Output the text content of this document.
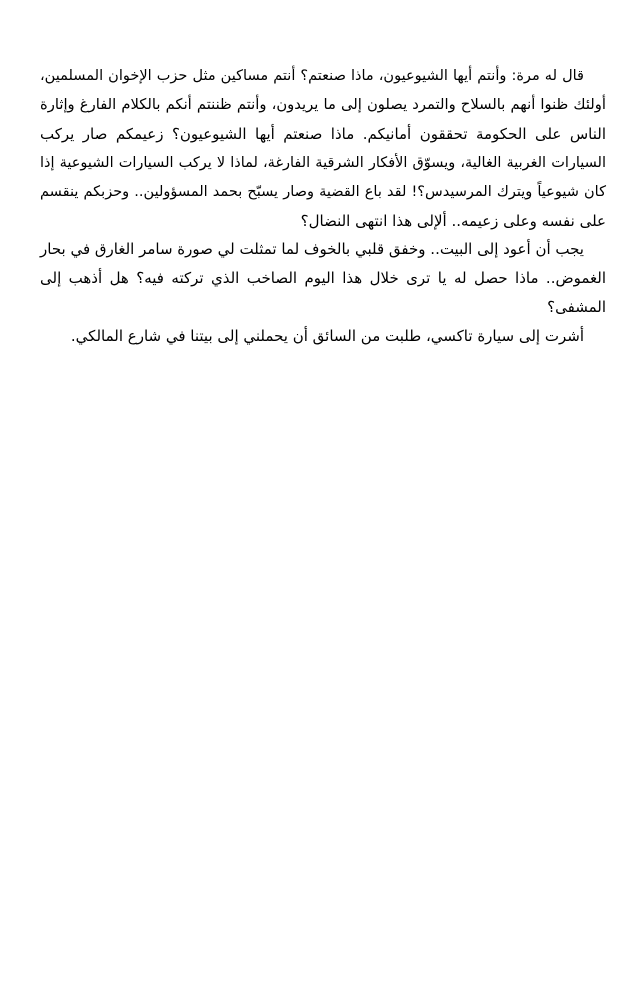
قال له مرة: وأنتم أيها الشيوعيون، ماذا صنعتم؟ أنتم مساكين مثل حزب الإخوان المسلمين،
أولئك ظنوا أنهم بالسلاح والتمرد يصلون إلى ما يريدون، وأنتم ظننتم أنكم بالكلام الفارغ وإثارة
الناس على الحكومة تحققون أمانيكم. ماذا صنعتم أيها الشيوعيون؟ زعيمكم صار يركب
السيارات الغربية الغالية، ويسوّق الأفكار الشرقية الفارغة، لماذا لا يركب السيارات الشيوعية إذا
كان شيوعياً ويترك المرسيدس؟! لقد باع القضية وصار يسبّح بحمد المسؤولين.. وحزبكم ينقسم
على نفسه وعلى زعيمه.. ألإلى هذا انتهى النضال؟

يجب أن أعود إلى البيت.. وخفق قلبي بالخوف لما تمثلت لي صورة سامر الغارق في بحار
الغموض.. ماذا حصل له يا ترى خلال هذا اليوم الصاخب الذي تركته فيه؟ هل أذهب إلى
المشفى؟

أشرت إلى سيارة تاكسي، طلبت من السائق أن يحملني إلى بيتنا في شارع المالكي.
